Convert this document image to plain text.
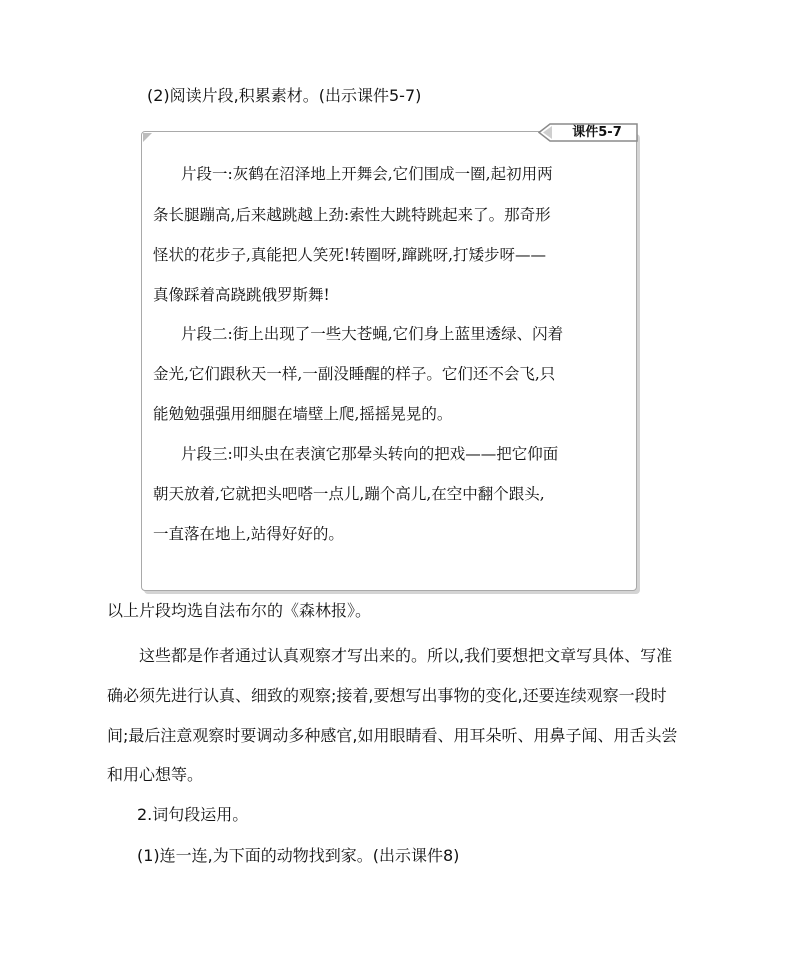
(2)阅读片段,积累素材。(出示课件5-7)
课件5-7
片段一:灰鹤在沼泽地上开舞会,它们围成一圈,起初用两
条长腿蹦高,后来越跳越上劲:索性大跳特跳起来了。那奇形
怪状的花步子,真能把人笑死!转圈呀,蹿跳呀,打矮步呀——
真像踩着高跷跳俄罗斯舞!
片段二:街上出现了一些大苍蝇,它们身上蓝里透绿、闪着
金光,它们跟秋天一样,一副没睡醒的样子。它们还不会飞,只
能勉勉强强用细腿在墙壁上爬,摇摇晃晃的。
片段三:叩头虫在表演它那晕头转向的把戏——把它仰面
朝天放着,它就把头吧嗒一点儿,蹦个高儿,在空中翻个跟头,
一直落在地上,站得好好的。
以上片段均选自法布尔的《森林报》。
这些都是作者通过认真观察才写出来的。所以,我们要想把文章写具体、写准
确必须先进行认真、细致的观察;接着,要想写出事物的变化,还要连续观察一段时
间;最后注意观察时要调动多种感官,如用眼睛看、用耳朵听、用鼻子闻、用舌头尝
和用心想等。
2.词句段运用。
(1)连一连,为下面的动物找到家。(出示课件8)
